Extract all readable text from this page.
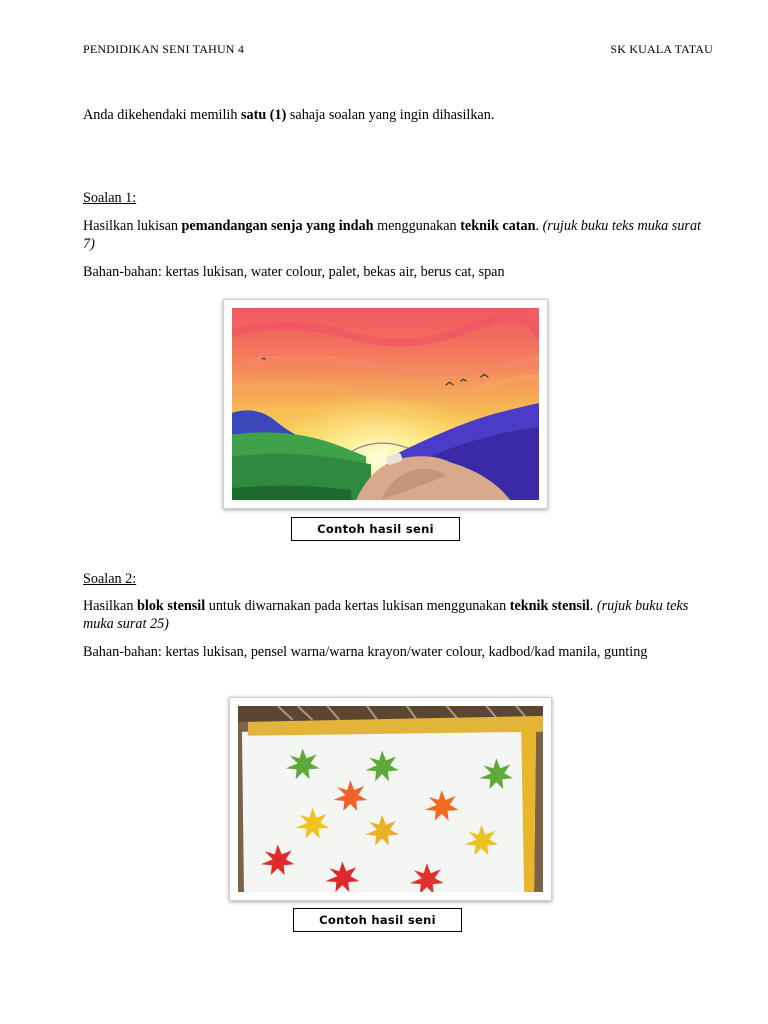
PENDIDIKAN SENI TAHUN 4	SK KUALA TATAU
Anda dikehendaki memilih satu (1) sahaja soalan yang ingin dihasilkan.
Soalan 1:
Hasilkan lukisan pemandangan senja yang indah menggunakan teknik catan. (rujuk buku teks muka surat 7)
Bahan-bahan: kertas lukisan, water colour, palet, bekas air, berus cat, span
Contoh hasil seni
Soalan 2:
Hasilkan blok stensil untuk diwarnakan pada kertas lukisan menggunakan teknik stensil. (rujuk buku teks muka surat 25)
Bahan-bahan: kertas lukisan, pensel warna/warna krayon/water colour, kadbod/kad manila, gunting
Contoh hasil seni
